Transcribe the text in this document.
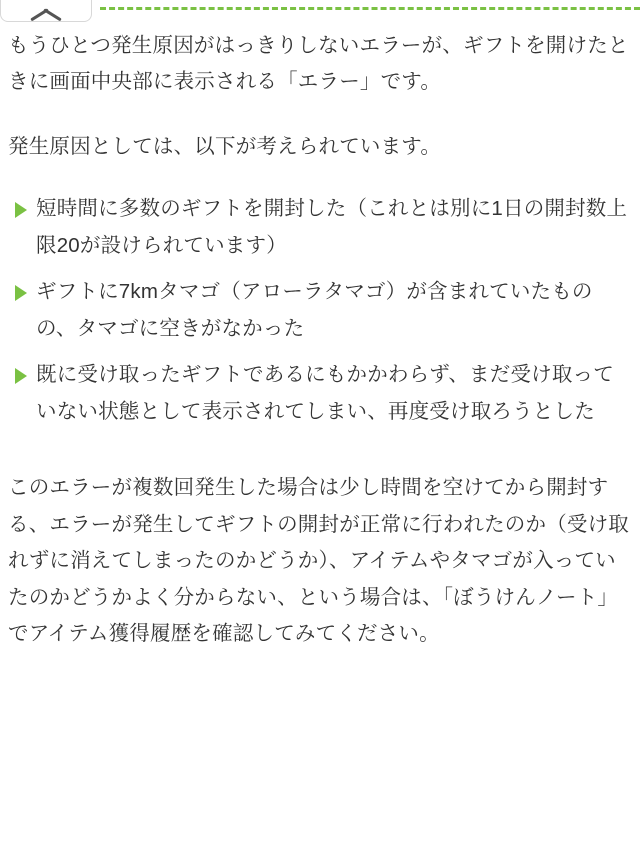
もうひとつ発生原因がはっきりしないエラーが、ギフトを開けたときに画面中央部に表示される「エラー」です。

発生原因としては、以下が考えられています。

短時間に多数のギフトを開封した（これとは別に1日の開封数上限20が設けられています）
ギフトに7kmタマゴ（アローラタマゴ）が含まれていたものの、タマゴに空きがなかった
既に受け取ったギフトであるにもかかわらず、まだ受け取っていない状態として表示されてしまい、再度受け取ろうとした

このエラーが複数回発生した場合は少し時間を空けてから開封する、エラーが発生してギフトの開封が正常に行われたのか（受け取れずに消えてしまったのかどうか）、アイテムやタマゴが入っていたのかどうかよく分からない、という場合は、「ぼうけんノート」でアイテム獲得履歴を確認してみてください。
